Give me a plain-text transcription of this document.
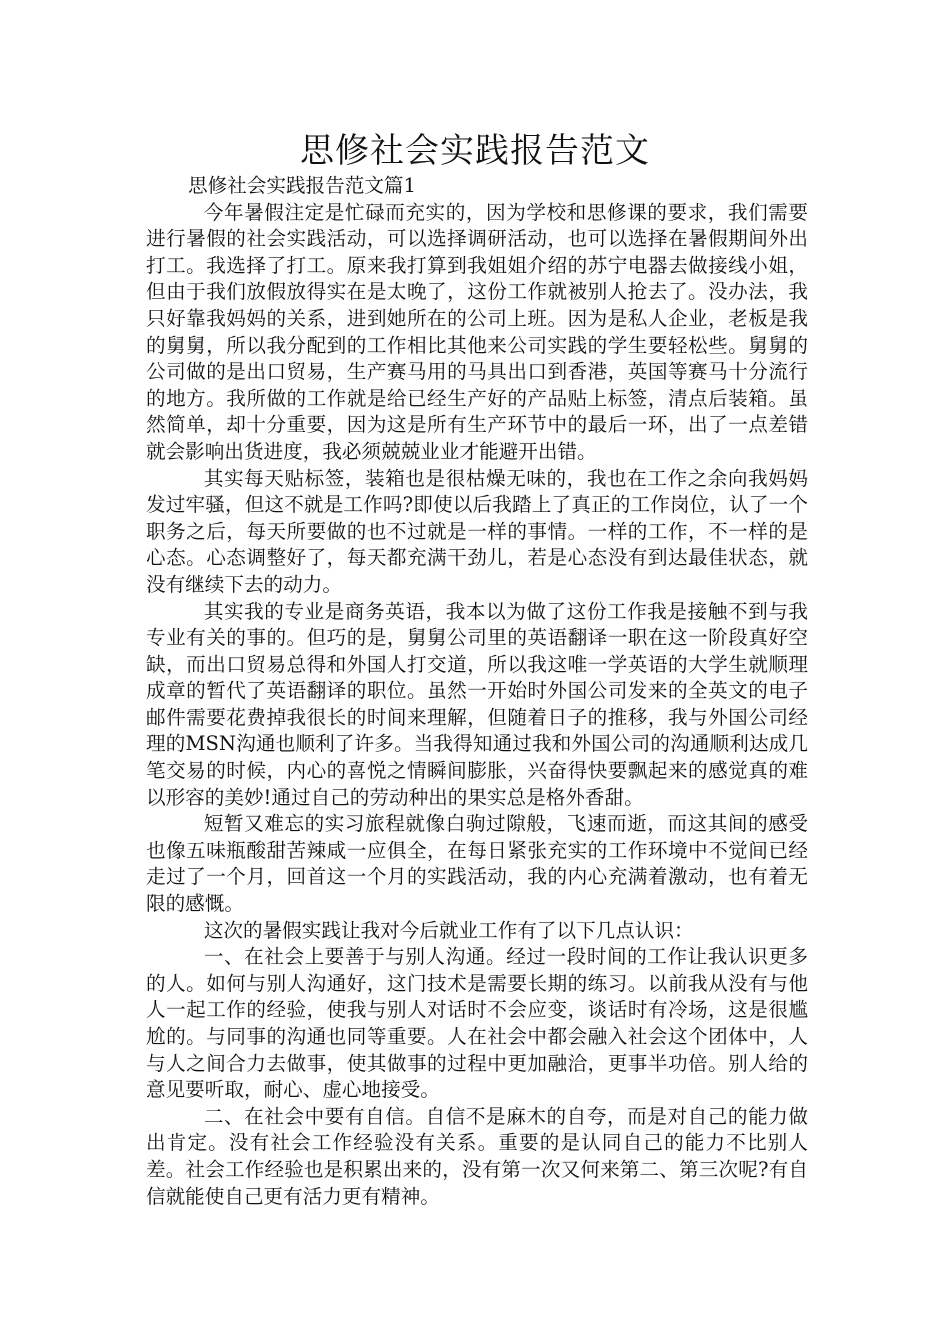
思修社会实践报告范文
思修社会实践报告范文篇1

今年暑假注定是忙碌而充实的，因为学校和思修课的要求，我们需要进行暑假的社会实践活动，可以选择调研活动，也可以选择在暑假期间外出打工。我选择了打工。原来我打算到我姐姐介绍的苏宁电器去做接线小姐，但由于我们放假放得实在是太晚了，这份工作就被别人抢去了。没办法，我只好靠我妈妈的关系，进到她所在的公司上班。因为是私人企业，老板是我的舅舅，所以我分配到的工作相比其他来公司实践的学生要轻松些。舅舅的公司做的是出口贸易，生产赛马用的马具出口到香港，英国等赛马十分流行的地方。我所做的工作就是给已经生产好的产品贴上标签，清点后装箱。虽然简单，却十分重要，因为这是所有生产环节中的最后一环，出了一点差错就会影响出货进度，我必须兢兢业业才能避开出错。

其实每天贴标签，装箱也是很枯燥无味的，我也在工作之余向我妈妈发过牢骚，但这不就是工作吗?即使以后我踏上了真正的工作岗位，认了一个职务之后，每天所要做的也不过就是一样的事情。一样的工作，不一样的是心态。心态调整好了，每天都充满干劲儿，若是心态没有到达最佳状态，就没有继续下去的动力。

其实我的专业是商务英语，我本以为做了这份工作我是接触不到与我专业有关的事的。但巧的是，舅舅公司里的英语翻译一职在这一阶段真好空缺，而出口贸易总得和外国人打交道，所以我这唯一学英语的大学生就顺理成章的暂代了英语翻译的职位。虽然一开始时外国公司发来的全英文的电子邮件需要花费掉我很长的时间来理解，但随着日子的推移，我与外国公司经理的MSN沟通也顺利了许多。当我得知通过我和外国公司的沟通顺利达成几笔交易的时候，内心的喜悦之情瞬间膨胀，兴奋得快要飘起来的感觉真的难以形容的美妙!通过自己的劳动种出的果实总是格外香甜。

短暂又难忘的实习旅程就像白驹过隙般，飞速而逝，而这其间的感受也像五味瓶酸甜苦辣咸一应俱全，在每日紧张充实的工作环境中不觉间已经走过了一个月，回首这一个月的实践活动，我的内心充满着激动，也有着无限的感慨。

这次的暑假实践让我对今后就业工作有了以下几点认识：

一、在社会上要善于与别人沟通。经过一段时间的工作让我认识更多的人。如何与别人沟通好，这门技术是需要长期的练习。以前我从没有与他人一起工作的经验，使我与别人对话时不会应变，谈话时有冷场，这是很尴尬的。与同事的沟通也同等重要。人在社会中都会融入社会这个团体中，人与人之间合力去做事，使其做事的过程中更加融洽，更事半功倍。别人给的意见要听取，耐心、虚心地接受。

二、在社会中要有自信。自信不是麻木的自夸，而是对自己的能力做出肯定。没有社会工作经验没有关系。重要的是认同自己的能力不比别人差。社会工作经验也是积累出来的，没有第一次又何来第二、第三次呢?有自信就能使自己更有活力更有精神。
